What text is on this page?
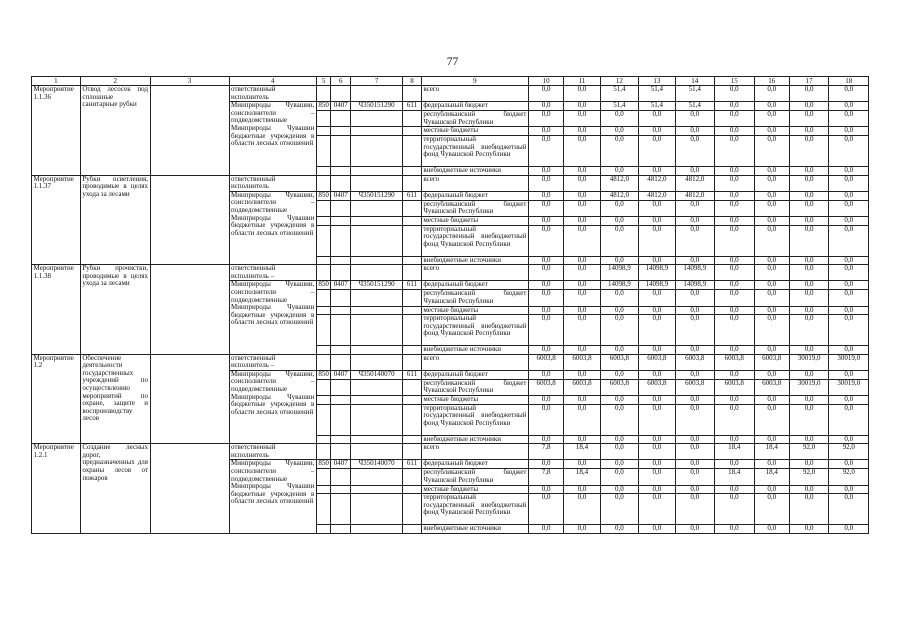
77
1	2	3	4	5	6	7	8	9	10	11	12	13	14	15	16	17	18
Мероприятие 1.1.36	Отвод лесосек под сплошные санитарные рубки		ответственный исполнитель					всего	0,0	0,0	51,4	51,4	51,4	0,0	0,0	0,0	0,0
			Минприроды Чувашии, соисполнители – подведомственные Минприроды Чувашии бюджетные учреждения в области лесных отношений	850	0407	Ч350151290	611	федеральный бюджет	0,0	0,0	51,4	51,4	51,4	0,0	0,0	0,0	0,0
								республиканский бюджет Чувашской Республики	0,0	0,0	0,0	0,0	0,0	0,0	0,0	0,0	0,0
								местные бюджеты	0,0	0,0	0,0	0,0	0,0	0,0	0,0	0,0	0,0
								территориальный государственный внебюджетный фонд Чувашской Республики	0,0	0,0	0,0	0,0	0,0	0,0	0,0	0,0	0,0
								внебюджетные источники	0,0	0,0	0,0	0,0	0,0	0,0	0,0	0,0	0,0
Мероприятие 1.1.37	Рубки осветления, проводимые в целях ухода за лесами		ответственный исполнитель					всего	0,0	0,0	4812,0	4812,0	4812,0	0,0	0,0	0,0	0,0
			Минприроды Чувашии, соисполнители – подведомственные Минприроды Чувашии бюджетные учреждения в области лесных отношений	850	0407	Ч350151290	611	федеральный бюджет	0,0	0,0	4812,0	4812,0	4812,0	0,0	0,0	0,0	0,0
								республиканский бюджет Чувашской Республики	0,0	0,0	0,0	0,0	0,0	0,0	0,0	0,0	0,0
								местные бюджеты	0,0	0,0	0,0	0,0	0,0	0,0	0,0	0,0	0,0
								территориальный государственный внебюджетный фонд Чувашской Республики	0,0	0,0	0,0	0,0	0,0	0,0	0,0	0,0	0,0
								внебюджетные источники	0,0	0,0	0,0	0,0	0,0	0,0	0,0	0,0	0,0
Мероприятие 1.1.38	Рубки прочистки, проводимые в целях ухода за лесами		ответственный исполнитель –					всего	0,0	0,0	14098,9	14098,9	14098,9	0,0	0,0	0,0	0,0
			Минприроды Чувашии, соисполнители – подведомственные Минприроды Чувашии бюджетные учреждения в области лесных отношений	850	0407	Ч350151290	611	федеральный бюджет	0,0	0,0	14098,9	14098,9	14098,9	0,0	0,0	0,0	0,0
								республиканский бюджет Чувашской Республики	0,0	0,0	0,0	0,0	0,0	0,0	0,0	0,0	0,0
								местные бюджеты	0,0	0,0	0,0	0,0	0,0	0,0	0,0	0,0	0,0
								территориальный государственный внебюджетный фонд Чувашской Республики	0,0	0,0	0,0	0,0	0,0	0,0	0,0	0,0	0,0
								внебюджетные источники	0,0	0,0	0,0	0,0	0,0	0,0	0,0	0,0	0,0
Мероприятие 1.2	Обеспечение деятельности государственных учреждений по осуществлению мероприятий по охране, защите и воспроизводству лесов		ответственный исполнитель –					всего	6003,8	6003,8	6003,8	6003,8	6003,8	6003,8	6003,8	30019,0	30019,0
			Минприроды Чувашии, соисполнители – подведомственные Минприроды Чувашии бюджетные учреждения в области лесных отношений	850	0407	Ч350140070	611	федеральный бюджет	0,0	0,0	0,0	0,0	0,0	0,0	0,0	0,0	0,0
								республиканский бюджет Чувашской Республики	6003,8	6003,8	6003,8	6003,8	6003,8	6003,8	6003,8	30019,0	30019,0
								местные бюджеты	0,0	0,0	0,0	0,0	0,0	0,0	0,0	0,0	0,0
								территориальный государственный внебюджетный фонд Чувашской Республики	0,0	0,0	0,0	0,0	0,0	0,0	0,0	0,0	0,0
								внебюджетные источники	0,0	0,0	0,0	0,0	0,0	0,0	0,0	0,0	0,0
Мероприятие 1.2.1	Создание лесных дорог, предназначенных для охраны лесов от пожаров		ответственный исполнитель					всего	7,8	18,4	0,0	0,0	0,0	18,4	18,4	92,0	92,0
			Минприроды Чувашии, соисполнители – подведомственные Минприроды Чувашии бюджетные учреждения в области лесных отношений	850	0407	Ч350140070	611	федеральный бюджет	0,0	0,0	0,0	0,0	0,0	0,0	0,0	0,0	0,0
								республиканский бюджет Чувашской Республики	7,8	18,4	0,0	0,0	0,0	18,4	18,4	92,0	92,0
								местные бюджеты	0,0	0,0	0,0	0,0	0,0	0,0	0,0	0,0	0,0
								территориальный государственный внебюджетный фонд Чувашской Республики	0,0	0,0	0,0	0,0	0,0	0,0	0,0	0,0	0,0
								внебюджетные источники	0,0	0,0	0,0	0,0	0,0	0,0	0,0	0,0	0,0
